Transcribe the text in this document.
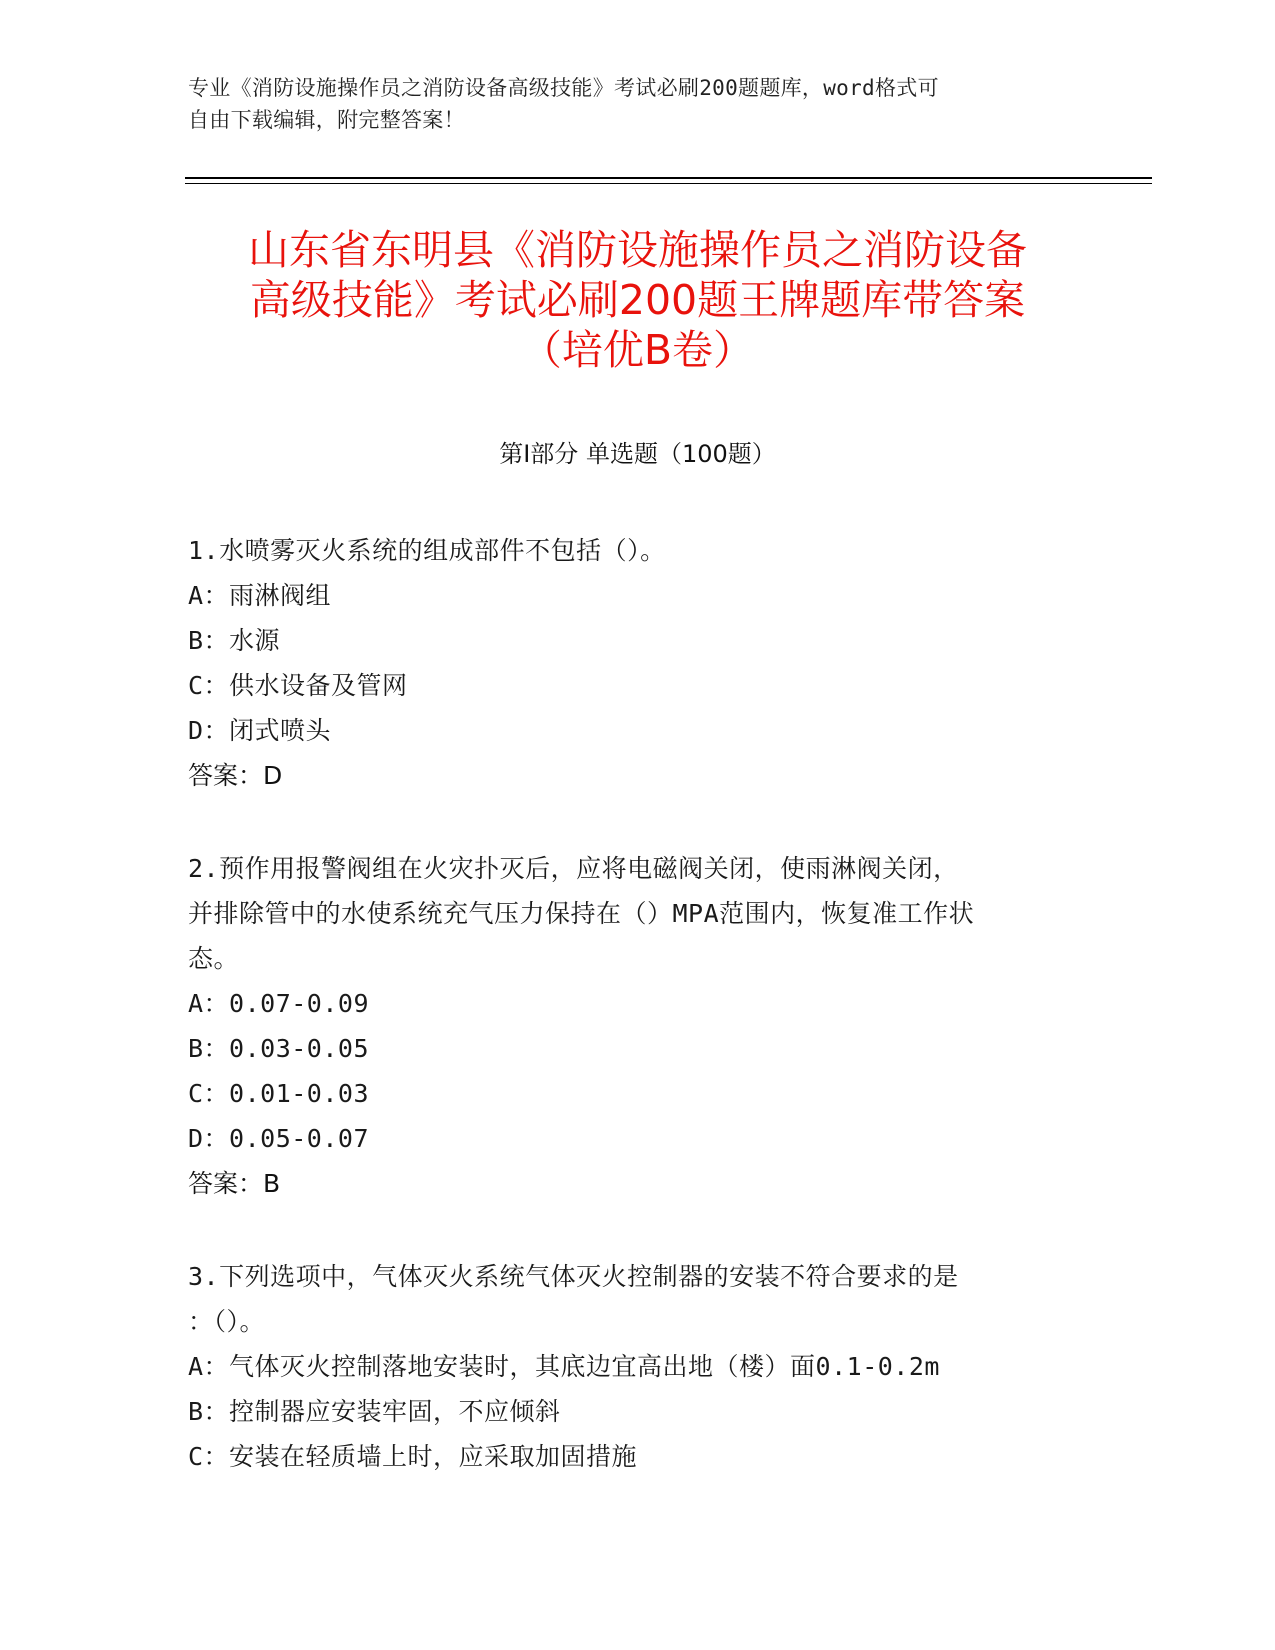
专业《消防设施操作员之消防设备高级技能》考试必刷200题题库，word格式可
自由下载编辑，附完整答案！
山东省东明县《消防设施操作员之消防设备
高级技能》考试必刷200题王牌题库带答案
（培优B卷）
第I部分 单选题（100题）
1.水喷雾灭火系统的组成部件不包括（）。
A：雨淋阀组
B：水源
C：供水设备及管网
D：闭式喷头
答案：D
2.预作用报警阀组在火灾扑灭后，应将电磁阀关闭，使雨淋阀关闭，
并排除管中的水使系统充气压力保持在（）MPA范围内，恢复准工作状
态。
A：0.07-0.09
B：0.03-0.05
C：0.01-0.03
D：0.05-0.07
答案：B
3.下列选项中，气体灭火系统气体灭火控制器的安装不符合要求的是
：（）。
A：气体灭火控制落地安装时，其底边宜高出地（楼）面0.1-0.2m
B：控制器应安装牢固，不应倾斜
C：安装在轻质墙上时，应采取加固措施
